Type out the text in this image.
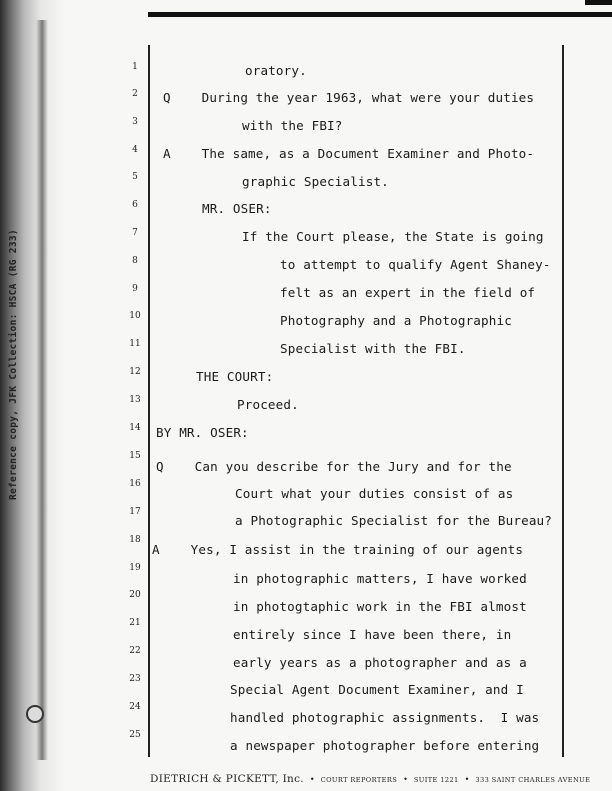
Reference copy, JFK Collection: HSCA (RG 233)
1
2
3
4
5
6
7
8
9
10
11
12
13
14
15
16
17
18
19
20
21
22
23
24
25
oratory.
Q    During the year 1963, what were your duties
with the FBI?
A    The same, as a Document Examiner and Photo-
graphic Specialist.
MR. OSER:
If the Court please, the State is going
to attempt to qualify Agent Shaney-
felt as an expert in the field of
Photography and a Photographic
Specialist with the FBI.
THE COURT:
Proceed.
BY MR. OSER:
Q    Can you describe for the Jury and for the
Court what your duties consist of as
a Photographic Specialist for the Bureau?
A    Yes, I assist in the training of our agents
in photographic matters, I have worked
in photogtaphic work in the FBI almost
entirely since I have been there, in
early years as a photographer and as a
Special Agent Document Examiner, and I
handled photographic assignments.  I was
a newspaper photographer before entering
DIETRICH & PICKETT, Inc. • COURT REPORTERS • SUITE 1221 • 333 SAINT CHARLES AVENUE
